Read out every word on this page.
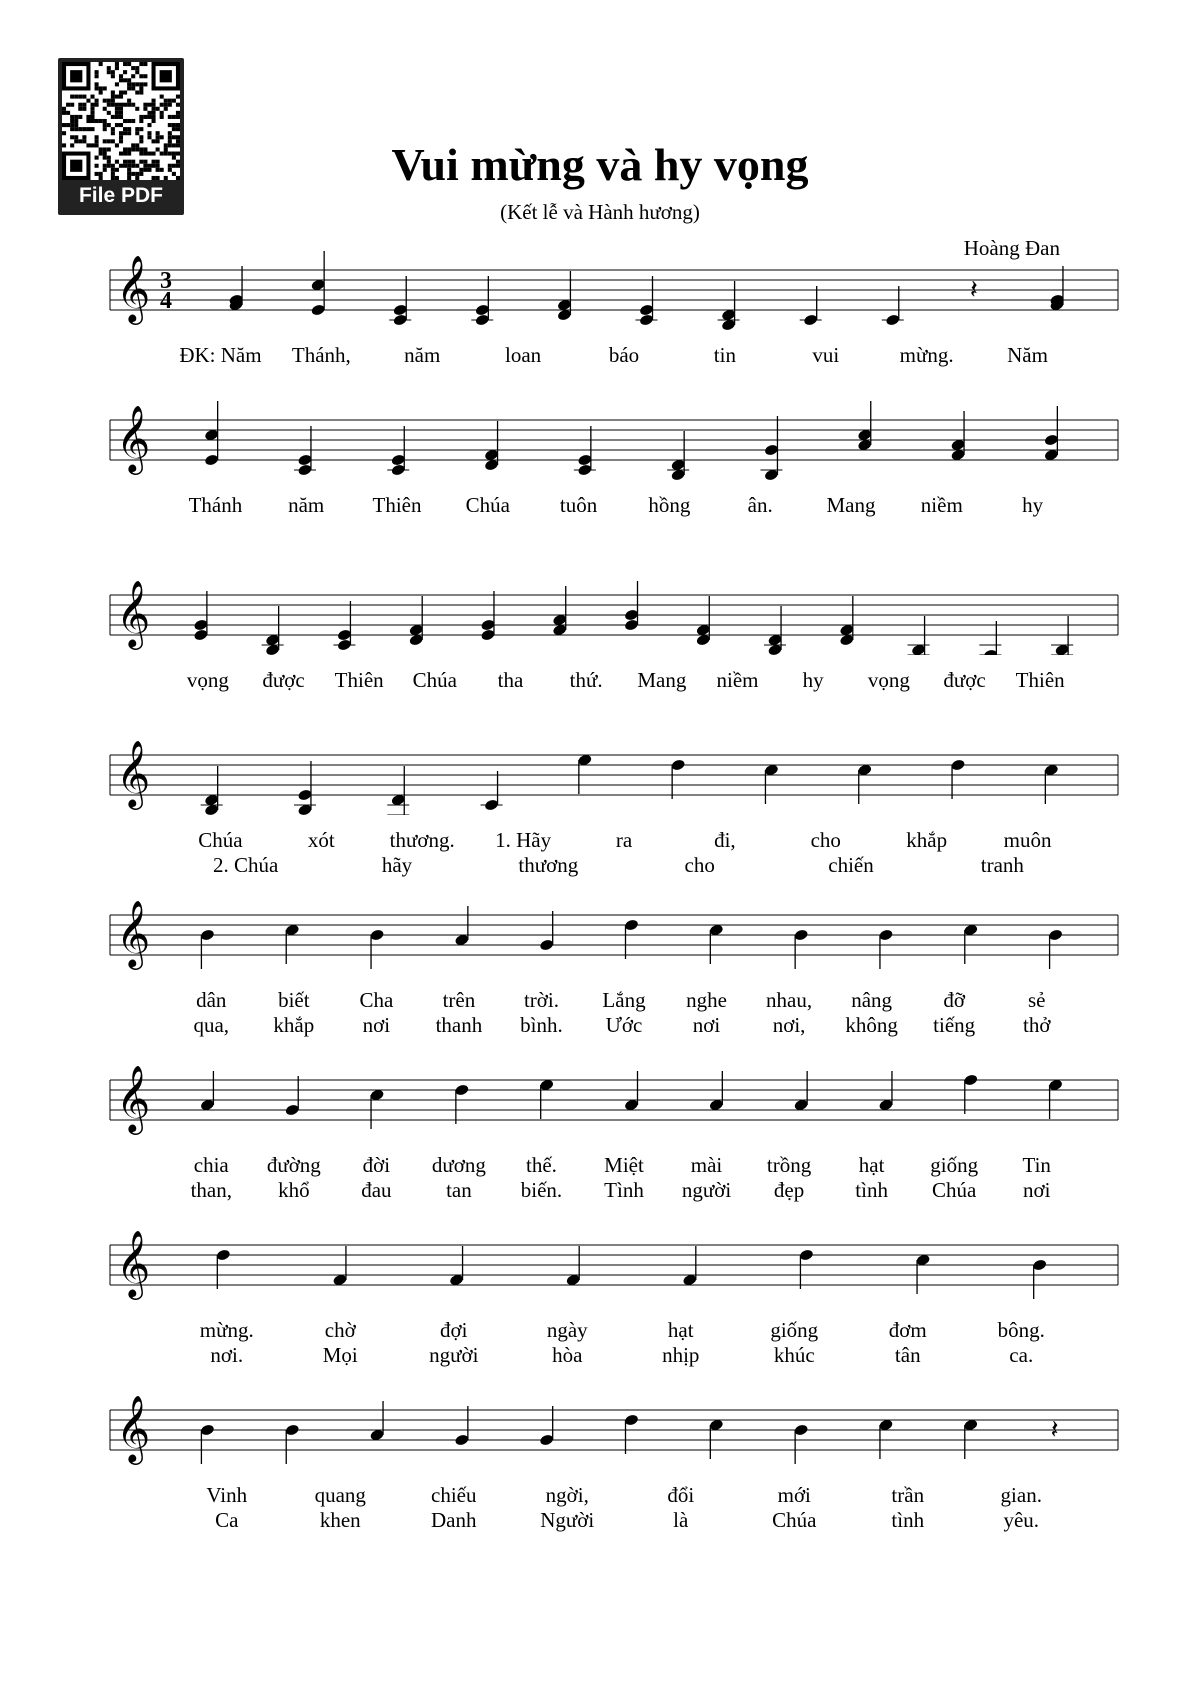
File PDF
Vui mừng và hy vọng
(Kết lễ và Hành hương)
Hoàng Đan
𝄞 3
4	𝄽
ĐK: Năm Thánh,	năm	loan	báo	tin	vui	mừng.	Năm
𝄞
Thánh năm Thiên Chúa tuôn hồng	ân.	Mang niềm	hy
𝄞
vọng được Thiên Chúa tha thứ. Mang niềm hy vọng được Thiên
𝄞
Chúa	xót	thương. 1. Hãy	ra	đi,	cho	khắp	muôn
2. Chúa	hãy	thương	cho	chiến	tranh
𝄞
dân biết Cha trên trời. Lắng nghe nhau, nâng đỡ	sẻ
qua, khắp nơi thanh bình. Ước nơi nơi, không tiếng thở
𝄞
chia đường đời dương thế. Miệt mài trồng hạt giống Tin
than, khổ đau	tan biến. Tình người đẹp tình Chúa nơi
𝄞
mừng.	chờ	đợi	ngày	hạt	giống	đơm	bông.
nơi.	Mọi	người	hòa	nhịp	khúc	tân	ca.
𝄞	𝄽
Vinh	quang	chiếu	ngời,	đổi	mới	trần	gian.
Ca	khen	Danh	Người	là	Chúa	tình	yêu.
